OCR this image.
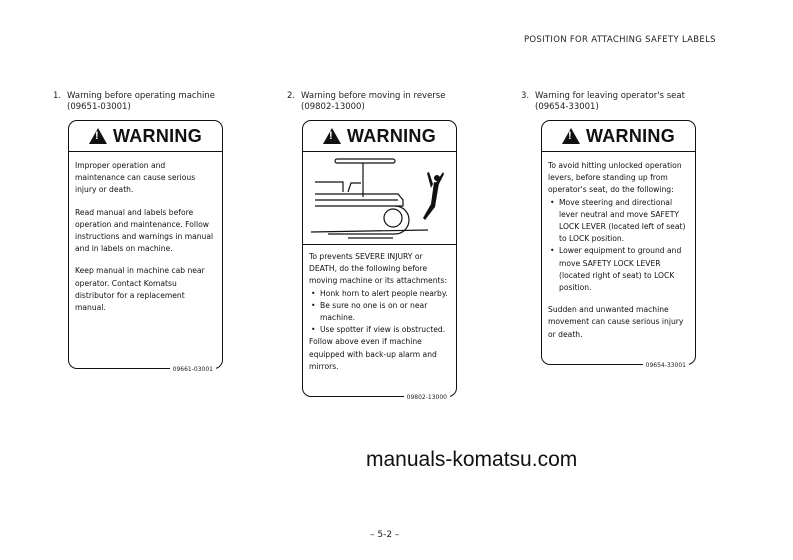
POSITION FOR ATTACHING SAFETY LABELS
1. Warning before operating machine
(09651-03001)
!
WARNING

Improper operation and maintenance can cause serious injury or death.

Read manual and labels before operation and maintenance. Follow instructions and warnings in manual and in labels on machine.

Keep manual in machine cab near operator. Contact Komatsu distributor for a replacement manual.

09661-03001
2. Warning before moving in reverse
(09802-13000)
!
WARNING

To prevents SEVERE INJURY or DEATH, do the following before moving machine or its attachments:

• Honk horn to alert people nearby.
• Be sure no one is on or near machine.
• Use spotter if view is obstructed.

Follow above even if machine equipped with back-up alarm and mirrors.

09802-13000
3. Warning for leaving operator's seat
(09654-33001)
!
WARNING

To avoid hitting unlocked operation levers, before standing up from operator's seat, do the following:

• Move steering and directional lever neutral and move SAFETY LOCK LEVER (located left of seat) to LOCK position.
• Lower equipment to ground and move SAFETY LOCK LEVER (located right of seat) to LOCK position.

Sudden and unwanted machine movement can cause serious injury or death.

09654-33001
manuals-komatsu.com
– 5-2 –
